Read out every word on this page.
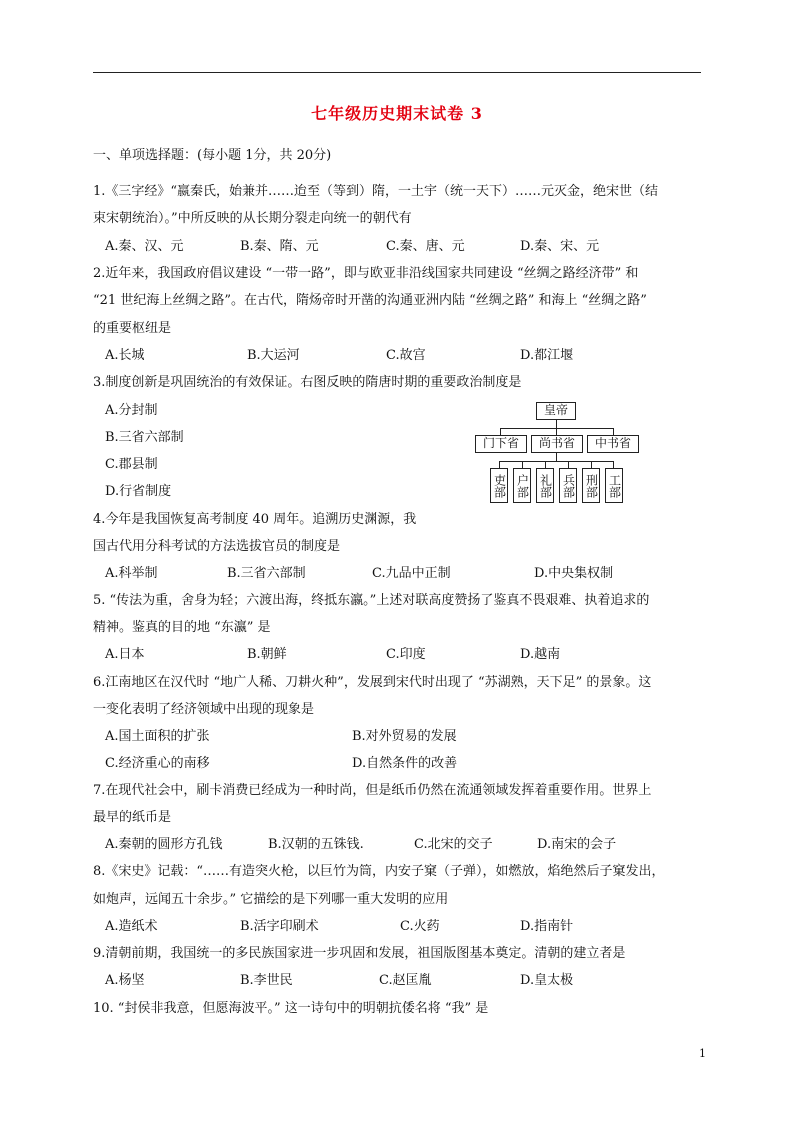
七年级历史期末试卷 3
一、单项选择题：(每小题 1分，共 20分)
1.《三字经》“嬴秦氏，始兼并……迨至（等到）隋，一土宇（统一天下）……元灭金，绝宋世（结
束宋朝统治）。”中所反映的从长期分裂走向统一的朝代有
A.秦、汉、元	B.秦、隋、元	C.秦、唐、元	D.秦、宋、元
2.近年来，我国政府倡议建设 “一带一路”，即与欧亚非沿线国家共同建设 “丝绸之路经济带” 和
“21 世纪海上丝绸之路”。在古代，隋炀帝时开凿的沟通亚洲内陆 “丝绸之路” 和海上 “丝绸之路”
的重要枢纽是
A.长城	B.大运河	C.故宫	D.都江堰
3.制度创新是巩固统治的有效保证。右图反映的隋唐时期的重要政治制度是
A.分封制
B.三省六部制
C.郡县制
D.行省制度
皇帝
门下省	尚书省	中书省
吏部 户部 礼部 兵部 刑部 工部
4.今年是我国恢复高考制度 40 周年。追溯历史渊源，我
国古代用分科考试的方法选拔官员的制度是
A.科举制	B.三省六部制	C.九品中正制	D.中央集权制
5. “传法为重，舍身为轻；六渡出海，终抵东瀛。”上述对联高度赞扬了鉴真不畏艰难、执着追求的
精神。鉴真的目的地 “东瀛” 是
A.日本	B.朝鲜	C.印度	D.越南
6.江南地区在汉代时 “地广人稀、刀耕火种”，发展到宋代时出现了 “苏湖熟，天下足” 的景象。这
一变化表明了经济领域中出现的现象是
A.国土面积的扩张	B.对外贸易的发展
C.经济重心的南移	D.自然条件的改善
7.在现代社会中，刷卡消费已经成为一种时尚，但是纸币仍然在流通领域发挥着重要作用。世界上
最早的纸币是
A.秦朝的圆形方孔钱	B.汉朝的五铢钱.	C.北宋的交子	D.南宋的会子
8.《宋史》记载：“……有造突火枪，以巨竹为筒，内安子窠（子弹），如燃放，焰绝然后子窠发出，
如炮声，远闻五十余步。” 它描绘的是下列哪一重大发明的应用
A.造纸术	B.活字印刷术	C.火药	D.指南针
9.清朝前期，我国统一的多民族国家进一步巩固和发展，祖国版图基本奠定。清朝的建立者是
A.杨坚	B.李世民	C.赵匡胤	D.皇太极
10. “封侯非我意，但愿海波平。” 这一诗句中的明朝抗倭名将 “我” 是
1
